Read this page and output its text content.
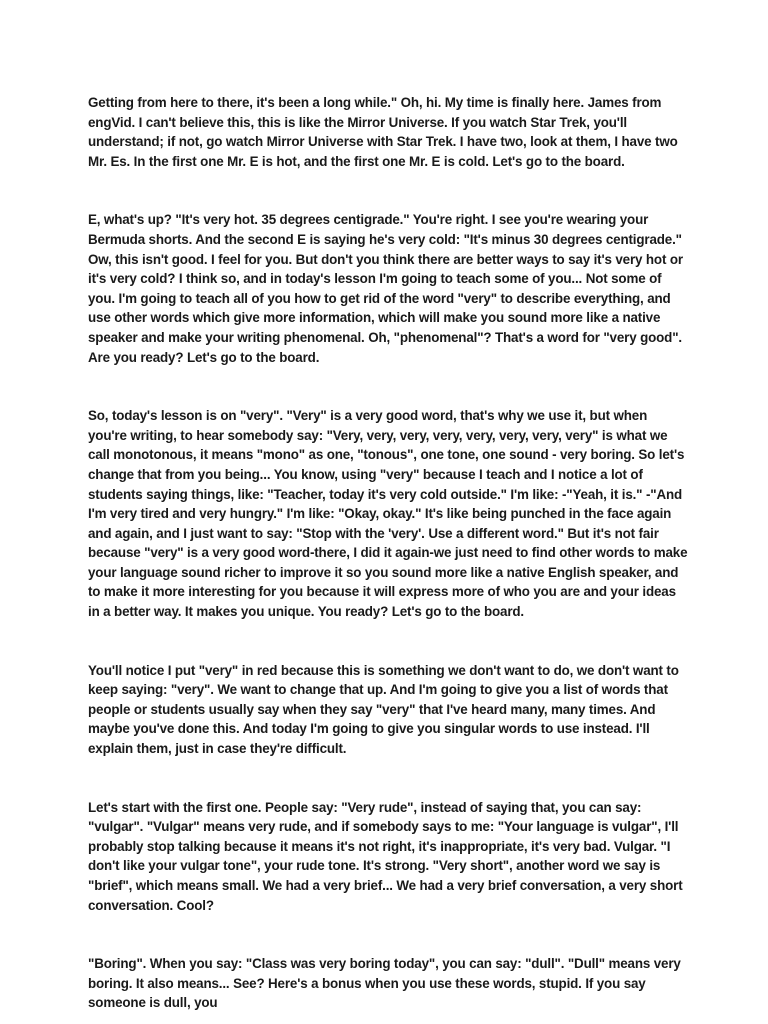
Getting from here to there, it's been a long while." Oh, hi. My time is finally here. James from engVid. I can't believe this, this is like the Mirror Universe. If you watch Star Trek, you'll understand; if not, go watch Mirror Universe with Star Trek. I have two, look at them, I have two Mr. Es. In the first one Mr. E is hot, and the first one Mr. E is cold. Let's go to the board.

E, what's up? "It's very hot. 35 degrees centigrade." You're right. I see you're wearing your Bermuda shorts. And the second E is saying he's very cold: "It's minus 30 degrees centigrade." Ow, this isn't good. I feel for you. But don't you think there are better ways to say it's very hot or it's very cold? I think so, and in today's lesson I'm going to teach some of you... Not some of you. I'm going to teach all of you how to get rid of the word "very" to describe everything, and use other words which give more information, which will make you sound more like a native speaker and make your writing phenomenal. Oh, "phenomenal"? That's a word for "very good". Are you ready? Let's go to the board.

So, today's lesson is on "very". "Very" is a very good word, that's why we use it, but when you're writing, to hear somebody say: "Very, very, very, very, very, very, very, very" is what we call monotonous, it means "mono" as one, "tonous", one tone, one sound - very boring. So let's change that from you being... You know, using "very" because I teach and I notice a lot of students saying things, like: "Teacher, today it's very cold outside." I'm like: -"Yeah, it is." -"And I'm very tired and very hungry." I'm like: "Okay, okay." It's like being punched in the face again and again, and I just want to say: "Stop with the 'very'. Use a different word." But it's not fair because "very" is a very good word-there, I did it again-we just need to find other words to make your language sound richer to improve it so you sound more like a native English speaker, and to make it more interesting for you because it will express more of who you are and your ideas in a better way. It makes you unique. You ready? Let's go to the board.

You'll notice I put "very" in red because this is something we don't want to do, we don't want to keep saying: "very". We want to change that up. And I'm going to give you a list of words that people or students usually say when they say "very" that I've heard many, many times. And maybe you've done this. And today I'm going to give you singular words to use instead. I'll explain them, just in case they're difficult.

Let's start with the first one. People say: "Very rude", instead of saying that, you can say: "vulgar". "Vulgar" means very rude, and if somebody says to me: "Your language is vulgar", I'll probably stop talking because it means it's not right, it's inappropriate, it's very bad. Vulgar. "I don't like your vulgar tone", your rude tone. It's strong. "Very short", another word we say is "brief", which means small. We had a very brief... We had a very brief conversation, a very short conversation. Cool?

"Boring". When you say: "Class was very boring today", you can say: "dull". "Dull" means very boring. It also means... See? Here's a bonus when you use these words, stupid. If you say someone is dull, you
